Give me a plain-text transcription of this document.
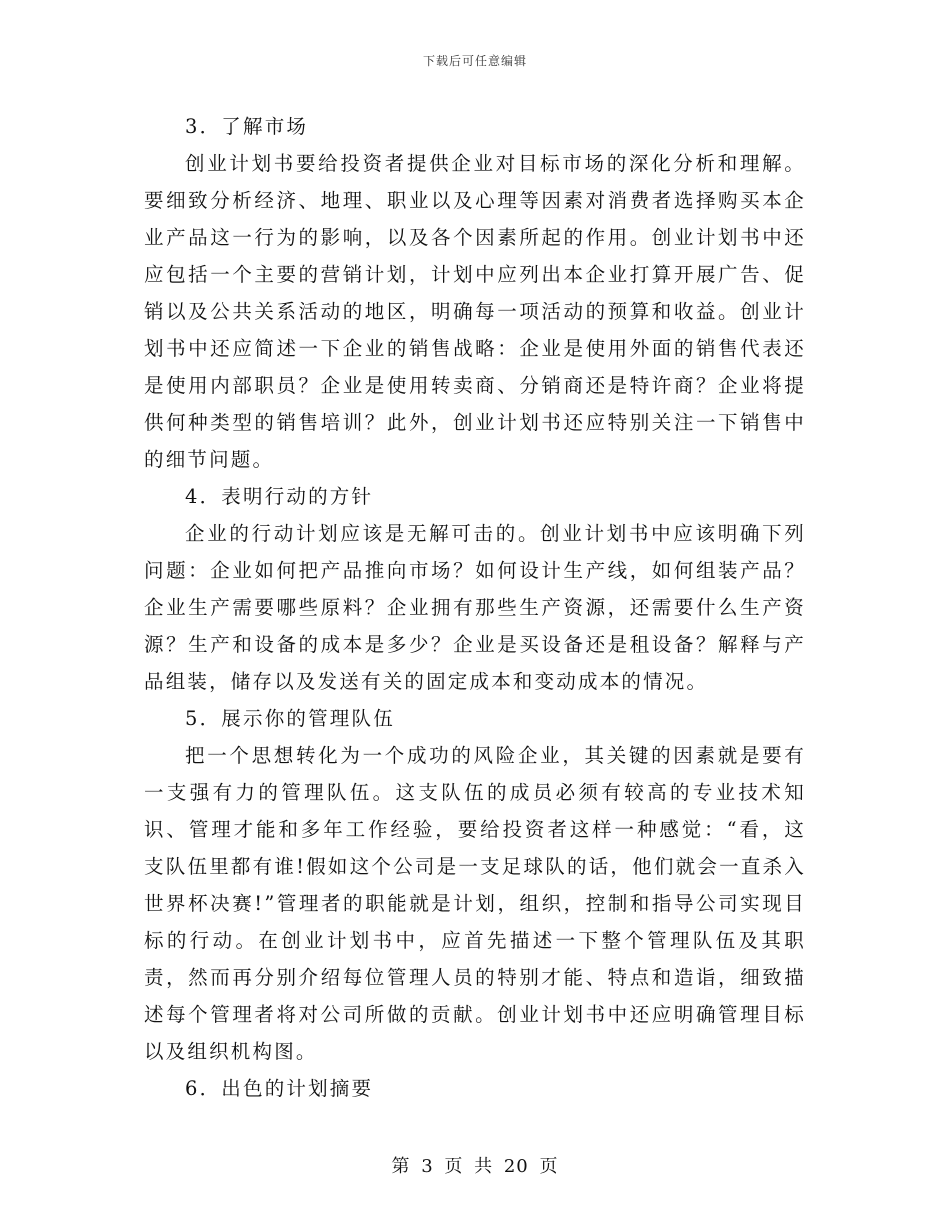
下载后可任意编辑

3．了解市场

创业计划书要给投资者提供企业对目标市场的深化分析和理解。要细致分析经济、地理、职业以及心理等因素对消费者选择购买本企业产品这一行为的影响，以及各个因素所起的作用。创业计划书中还应包括一个主要的营销计划，计划中应列出本企业打算开展广告、促销以及公共关系活动的地区，明确每一项活动的预算和收益。创业计划书中还应简述一下企业的销售战略：企业是使用外面的销售代表还是使用内部职员？企业是使用转卖商、分销商还是特许商？企业将提供何种类型的销售培训？此外，创业计划书还应特别关注一下销售中的细节问题。

4．表明行动的方针

企业的行动计划应该是无解可击的。创业计划书中应该明确下列问题：企业如何把产品推向市场？如何设计生产线，如何组装产品？企业生产需要哪些原料？企业拥有那些生产资源，还需要什么生产资源？生产和设备的成本是多少？企业是买设备还是租设备？解释与产品组装，储存以及发送有关的固定成本和变动成本的情况。

5．展示你的管理队伍

把一个思想转化为一个成功的风险企业，其关键的因素就是要有一支强有力的管理队伍。这支队伍的成员必须有较高的专业技术知识、管理才能和多年工作经验，要给投资者这样一种感觉：“看，这支队伍里都有谁!假如这个公司是一支足球队的话，他们就会一直杀入世界杯决赛!”管理者的职能就是计划，组织，控制和指导公司实现目标的行动。在创业计划书中，应首先描述一下整个管理队伍及其职责，然而再分别介绍每位管理人员的特别才能、特点和造诣，细致描述每个管理者将对公司所做的贡献。创业计划书中还应明确管理目标以及组织机构图。

6．出色的计划摘要

第 3 页 共 20 页
